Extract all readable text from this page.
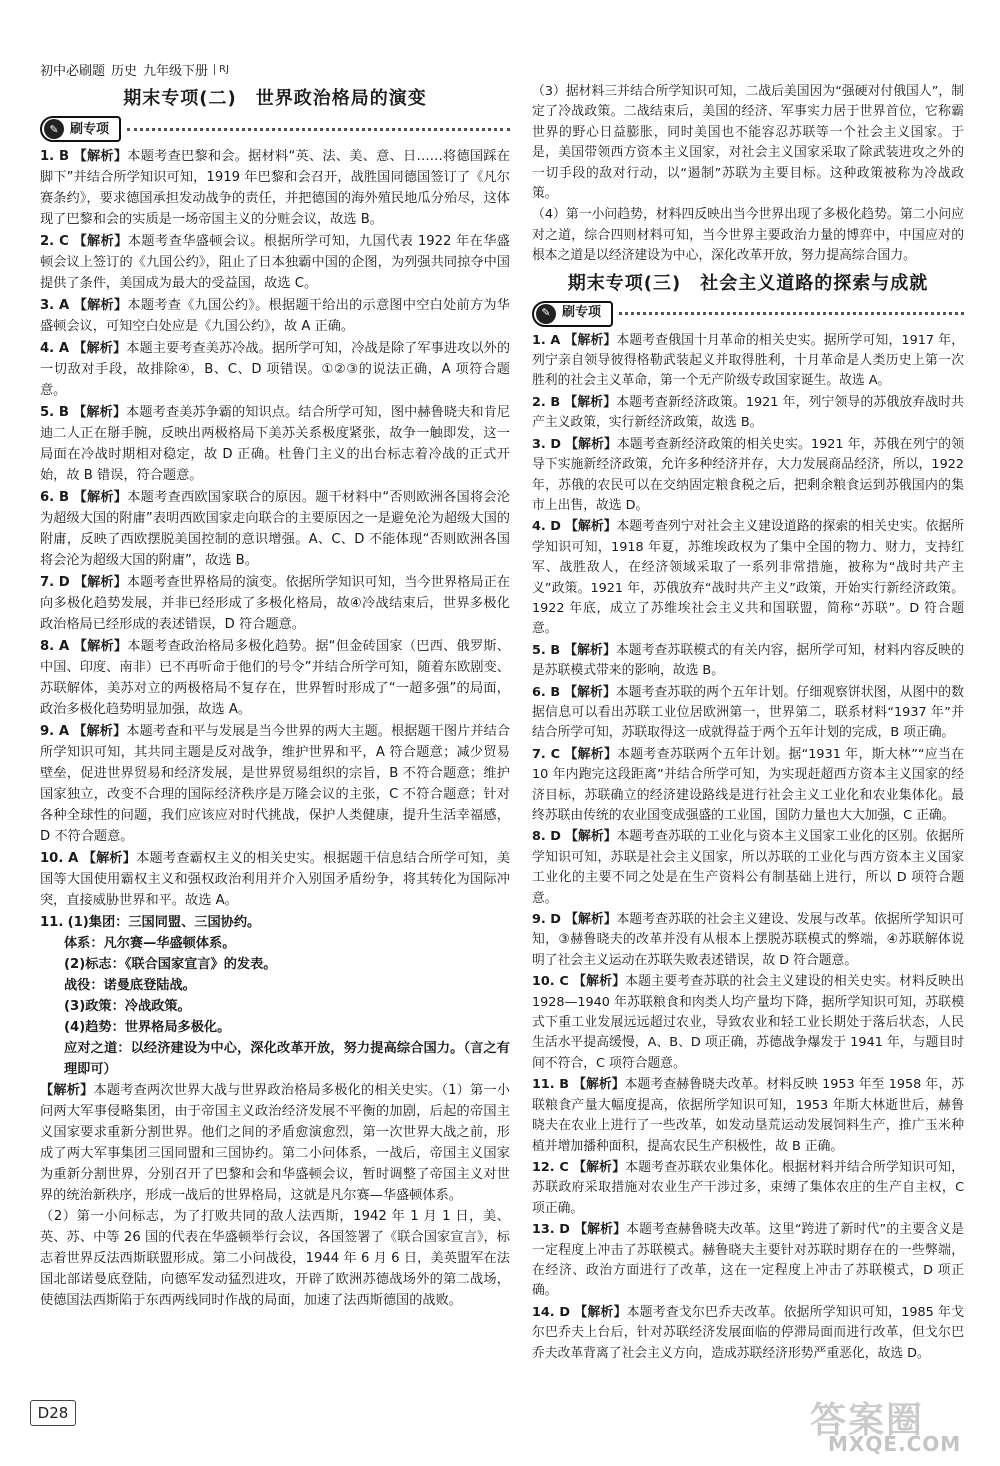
初中必刷题 历史 九年级下册	RJ
期末专项(二)　世界政治格局的演变
✎ 刷专项
1. B 【解析】本题考查巴黎和会。据材料“英、法、美、意、日……将德国踩在脚下”并结合所学知识可知，1919 年巴黎和会召开，战胜国同德国签订了《凡尔赛条约》，要求德国承担发动战争的责任，并把德国的海外殖民地瓜分殆尽，这体现了巴黎和会的实质是一场帝国主义的分赃会议，故选 B。
2. C 【解析】本题考查华盛顿会议。根据所学可知，九国代表 1922 年在华盛顿会议上签订的《九国公约》，阻止了日本独霸中国的企图，为列强共同掠夺中国提供了条件，美国成为最大的受益国，故选 C。
3. A 【解析】本题考查《九国公约》。根据题干给出的示意图中空白处前方为华盛顿会议，可知空白处应是《九国公约》，故 A 正确。
4. A 【解析】本题主要考查美苏冷战。据所学可知，冷战是除了军事进攻以外的一切敌对手段，故排除④，B、C、D 项错误。①②③的说法正确，A 项符合题意。
5. B 【解析】本题考查美苏争霸的知识点。结合所学可知，图中赫鲁晓夫和肯尼迪二人正在掰手腕，反映出两极格局下美苏关系极度紧张，故争一触即发，这一局面在冷战时期相对稳定，故 D 正确。杜鲁门主义的出台标志着冷战的正式开始，故 B 错误，符合题意。
6. B 【解析】本题考查西欧国家联合的原因。题干材料中“否则欧洲各国将会沦为超级大国的附庸”表明西欧国家走向联合的主要原因之一是避免沦为超级大国的附庸，反映了西欧摆脱美国控制的意识增强。A、C、D 不能体现“否则欧洲各国将会沦为超级大国的附庸”，故选 B。
7. D 【解析】本题考查世界格局的演变。依据所学知识可知，当今世界格局正在向多极化趋势发展，并非已经形成了多极化格局，故④冷战结束后，世界多极化政治格局已经形成的表述错误，D 符合题意。
8. A 【解析】本题考查政治格局多极化趋势。据“但金砖国家（巴西、俄罗斯、中国、印度、南非）已不再听命于他们的号令”并结合所学可知，随着东欧剧变、苏联解体，美苏对立的两极格局不复存在，世界暂时形成了“一超多强”的局面，政治多极化趋势明显加强，故选 A。
9. A 【解析】本题考查和平与发展是当今世界的两大主题。根据题干图片并结合所学知识可知，其共同主题是反对战争，维护世界和平，A 符合题意；减少贸易壁垒，促进世界贸易和经济发展，是世界贸易组织的宗旨，B 不符合题意；维护国家独立，改变不合理的国际经济秩序是万隆会议的主张，C 不符合题意；针对各种全球性的问题，我们应该应对时代挑战，保护人类健康，提升生活幸福感，D 不符合题意。
10. A 【解析】本题考查霸权主义的相关史实。根据题干信息结合所学可知，美国等大国使用霸权主义和强权政治利用并介入别国矛盾纷争，将其转化为国际冲突，直接威胁世界和平。故选 A。
11. (1)集团：三国同盟、三国协约。
体系：凡尔赛—华盛顿体系。
(2)标志：《联合国家宣言》的发表。
战役：诺曼底登陆战。
(3)政策：冷战政策。
(4)趋势：世界格局多极化。
应对之道：以经济建设为中心，深化改革开放，努力提高综合国力。（言之有理即可）
【解析】本题考查两次世界大战与世界政治格局多极化的相关史实。（1）第一小问两大军事侵略集团，由于帝国主义政治经济发展不平衡的加剧，后起的帝国主义国家要求重新分割世界。他们之间的矛盾愈演愈烈，第一次世界大战之前，形成了两大军事集团三国同盟和三国协约。第二小问体系，一战后，帝国主义国家为重新分割世界，分别召开了巴黎和会和华盛顿会议，暂时调整了帝国主义对世界的统治新秩序，形成一战后的世界格局，这就是凡尔赛—华盛顿体系。
（2）第一小问标志，为了打败共同的敌人法西斯，1942 年 1 月 1 日，美、英、苏、中等 26 国的代表在华盛顿举行会议，各国签署了《联合国家宣言》，标志着世界反法西斯联盟形成。第二小问战役，1944 年 6 月 6 日，美英盟军在法国北部诺曼底登陆，向德军发动猛烈进攻，开辟了欧洲苏德战场外的第二战场，使德国法西斯陷于东西两线同时作战的局面，加速了法西斯德国的战败。
（3）据材料三并结合所学知识可知，二战后美国因为“强硬对付俄国人”，制定了冷战政策。二战结束后，美国的经济、军事实力居于世界首位，它称霸世界的野心日益膨胀，同时美国也不能容忍苏联等一个社会主义国家。于是，美国带领西方资本主义国家，对社会主义国家采取了除武装进攻之外的一切手段的敌对行动，以“遏制”苏联为主要目标。这种政策被称为冷战政策。
（4）第一小问趋势，材料四反映出当今世界出现了多极化趋势。第二小问应对之道，综合四则材料可知，当今世界主要政治力量的博弈中，中国应对的根本之道是以经济建设为中心，深化改革开放，努力提高综合国力。
期末专项(三)　社会主义道路的探索与成就
✎ 刷专项
1. A 【解析】本题考查俄国十月革命的相关史实。据所学可知，1917 年，列宁亲自领导彼得格勒武装起义并取得胜利，十月革命是人类历史上第一次胜利的社会主义革命，第一个无产阶级专政国家诞生。故选 A。
2. B 【解析】本题考查新经济政策。1921 年，列宁领导的苏俄放弃战时共产主义政策，实行新经济政策，故选 B。
3. D 【解析】本题考查新经济政策的相关史实。1921 年，苏俄在列宁的领导下实施新经济政策，允许多种经济并存，大力发展商品经济，所以，1922 年，苏俄的农民可以在交纳固定粮食税之后，把剩余粮食运到苏俄国内的集市上出售，故选 D。
4. D 【解析】本题考查列宁对社会主义建设道路的探索的相关史实。依据所学知识可知，1918 年夏，苏维埃政权为了集中全国的物力、财力，支持红军、战胜敌人，在经济领域采取了一系列非常措施，被称为“战时共产主义”政策。1921 年，苏俄放弃“战时共产主义”政策，开始实行新经济政策。1922 年底，成立了苏维埃社会主义共和国联盟，简称“苏联”。D 符合题意。
5. B 【解析】本题考查苏联模式的有关内容，据所学可知，材料内容反映的是苏联模式带来的影响，故选 B。
6. B 【解析】本题考查苏联的两个五年计划。仔细观察饼状图，从图中的数据信息可以看出苏联工业位居欧洲第一，世界第二，联系材料“1937 年”并结合所学可知，苏联取得这一成就得益于两个五年计划的完成，B 项正确。
7. C 【解析】本题考查苏联两个五年计划。据“1931 年，斯大林”“应当在 10 年内跑完这段距离”并结合所学可知，为实现赶超西方资本主义国家的经济目标，苏联确立的经济建设路线是进行社会主义工业化和农业集体化。最终苏联由传统的农业国变成强盛的工业国，国防力量也大大加强，C 正确。
8. D 【解析】本题考查苏联的工业化与资本主义国家工业化的区别。依据所学知识可知，苏联是社会主义国家，所以苏联的工业化与西方资本主义国家工业化的主要不同之处是在生产资料公有制基础上进行，所以 D 项符合题意。
9. D 【解析】本题考查苏联的社会主义建设、发展与改革。依据所学知识可知，③赫鲁晓夫的改革并没有从根本上摆脱苏联模式的弊端，④苏联解体说明了社会主义运动在苏联失败表述错误，故 D 符合题意。
10. C 【解析】本题主要考查苏联的社会主义建设的相关史实。材料反映出 1928—1940 年苏联粮食和肉类人均产量均下降，据所学知识可知，苏联模式下重工业发展远远超过农业，导致农业和轻工业长期处于落后状态，人民生活水平提高缓慢，A、B、D 项正确，苏德战争爆发于 1941 年，与题目时间不符合，C 项符合题意。
11. B 【解析】本题考查赫鲁晓夫改革。材料反映 1953 年至 1958 年，苏联粮食产量大幅度提高，依据所学知识可知，1953 年斯大林逝世后，赫鲁晓夫在农业上进行了一些改革，如发动垦荒运动发展饲料生产，推广玉米种植并增加播种面积，提高农民生产积极性，故 B 正确。
12. C 【解析】本题考查苏联农业集体化。根据材料并结合所学知识可知，苏联政府采取措施对农业生产干涉过多，束缚了集体农庄的生产自主权，C 项正确。
13. D 【解析】本题考查赫鲁晓夫改革。这里“跨进了新时代”的主要含义是一定程度上冲击了苏联模式。赫鲁晓夫主要针对苏联时期存在的一些弊端，在经济、政治方面进行了改革，这在一定程度上冲击了苏联模式，D 项正确。
14. D 【解析】本题考查戈尔巴乔夫改革。依据所学知识可知，1985 年戈尔巴乔夫上台后，针对苏联经济发展面临的停滞局面而进行改革，但戈尔巴乔夫改革背离了社会主义方向，造成苏联经济形势严重恶化，故选 D。
D28	答案圈
MXQE.COM
